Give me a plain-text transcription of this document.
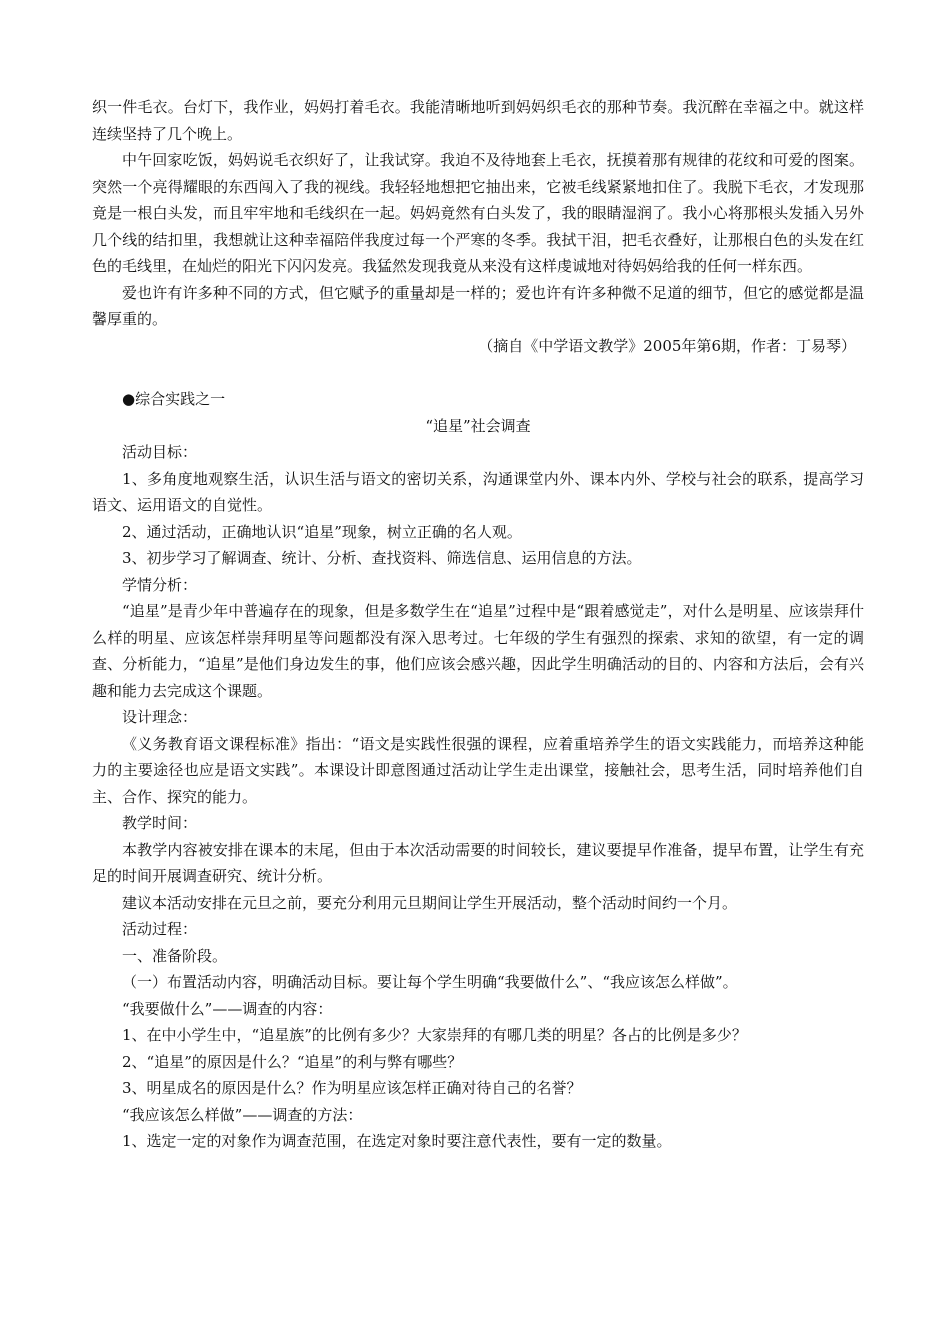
织一件毛衣。台灯下，我作业，妈妈打着毛衣。我能清晰地听到妈妈织毛衣的那种节奏。我沉醉在幸福之中。就这样连续坚持了几个晚上。

中午回家吃饭，妈妈说毛衣织好了，让我试穿。我迫不及待地套上毛衣，抚摸着那有规律的花纹和可爱的图案。突然一个亮得耀眼的东西闯入了我的视线。我轻轻地想把它抽出来，它被毛线紧紧地扣住了。我脱下毛衣，才发现那竟是一根白头发，而且牢牢地和毛线织在一起。妈妈竟然有白头发了，我的眼睛湿润了。我小心将那根头发插入另外几个线的结扣里，我想就让这种幸福陪伴我度过每一个严寒的冬季。我拭干泪，把毛衣叠好，让那根白色的头发在红色的毛线里，在灿烂的阳光下闪闪发亮。我猛然发现我竟从来没有这样虔诚地对待妈妈给我的任何一样东西。

爱也许有许多种不同的方式，但它赋予的重量却是一样的；爱也许有许多种微不足道的细节，但它的感觉都是温馨厚重的。

（摘自《中学语文教学》2005年第6期，作者：丁易琴）

●综合实践之一

“追星”社会调查

活动目标：

1、多角度地观察生活，认识生活与语文的密切关系，沟通课堂内外、课本内外、学校与社会的联系，提高学习语文、运用语文的自觉性。

2、通过活动，正确地认识“追星”现象，树立正确的名人观。

3、初步学习了解调查、统计、分析、查找资料、筛选信息、运用信息的方法。

学情分析：

“追星”是青少年中普遍存在的现象，但是多数学生在“追星”过程中是“跟着感觉走”，对什么是明星、应该崇拜什么样的明星、应该怎样崇拜明星等问题都没有深入思考过。七年级的学生有强烈的探索、求知的欲望，有一定的调查、分析能力，“追星”是他们身边发生的事，他们应该会感兴趣，因此学生明确活动的目的、内容和方法后，会有兴趣和能力去完成这个课题。

设计理念：

《义务教育语文课程标准》指出：“语文是实践性很强的课程，应着重培养学生的语文实践能力，而培养这种能力的主要途径也应是语文实践”。本课设计即意图通过活动让学生走出课堂，接触社会，思考生活，同时培养他们自主、合作、探究的能力。

教学时间：

本教学内容被安排在课本的末尾，但由于本次活动需要的时间较长，建议要提早作准备，提早布置，让学生有充足的时间开展调查研究、统计分析。

建议本活动安排在元旦之前，要充分利用元旦期间让学生开展活动，整个活动时间约一个月。

活动过程：

一、准备阶段。

（一）布置活动内容，明确活动目标。要让每个学生明确“我要做什么”、“我应该怎么样做”。

“我要做什么”——调查的内容：

1、在中小学生中，“追星族”的比例有多少？大家崇拜的有哪几类的明星？各占的比例是多少？

2、“追星”的原因是什么？“追星”的利与弊有哪些？

3、明星成名的原因是什么？作为明星应该怎样正确对待自己的名誉？

“我应该怎么样做”——调查的方法：

1、选定一定的对象作为调查范围，在选定对象时要注意代表性，要有一定的数量。
